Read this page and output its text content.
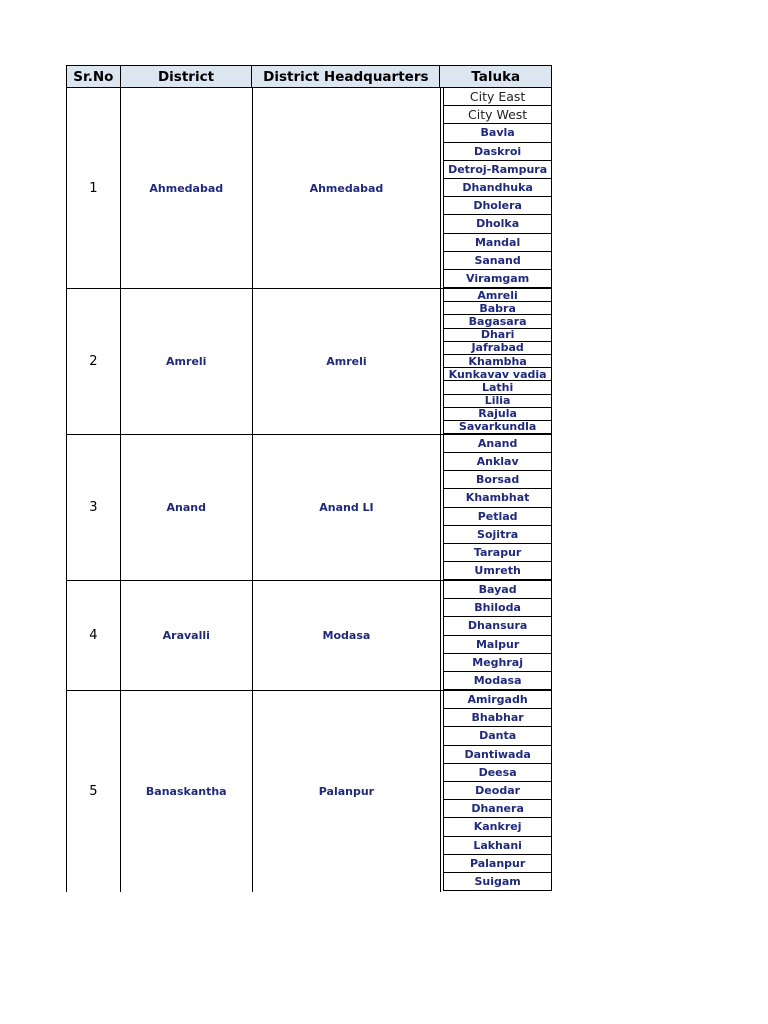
Sr.No	District	District Headquarters	Taluka
1	Ahmedabad	Ahmedabad
City East
City West
Bavla
Daskroi
Detroj-Rampura
Dhandhuka
Dholera
Dholka
Mandal
Sanand
Viramgam
2	Amreli	Amreli
Amreli
Babra
Bagasara
Dhari
Jafrabad
Khambha
Kunkavav vadia
Lathi
Lilia
Rajula
Savarkundla
3	Anand	Anand LI
Anand
Anklav
Borsad
Khambhat
Petlad
Sojitra
Tarapur
Umreth
4	Aravalli	Modasa
Bayad
Bhiloda
Dhansura
Malpur
Meghraj
Modasa
5	Banaskantha	Palanpur
Amirgadh
Bhabhar
Danta
Dantiwada
Deesa
Deodar
Dhanera
Kankrej
Lakhani
Palanpur
Suigam
